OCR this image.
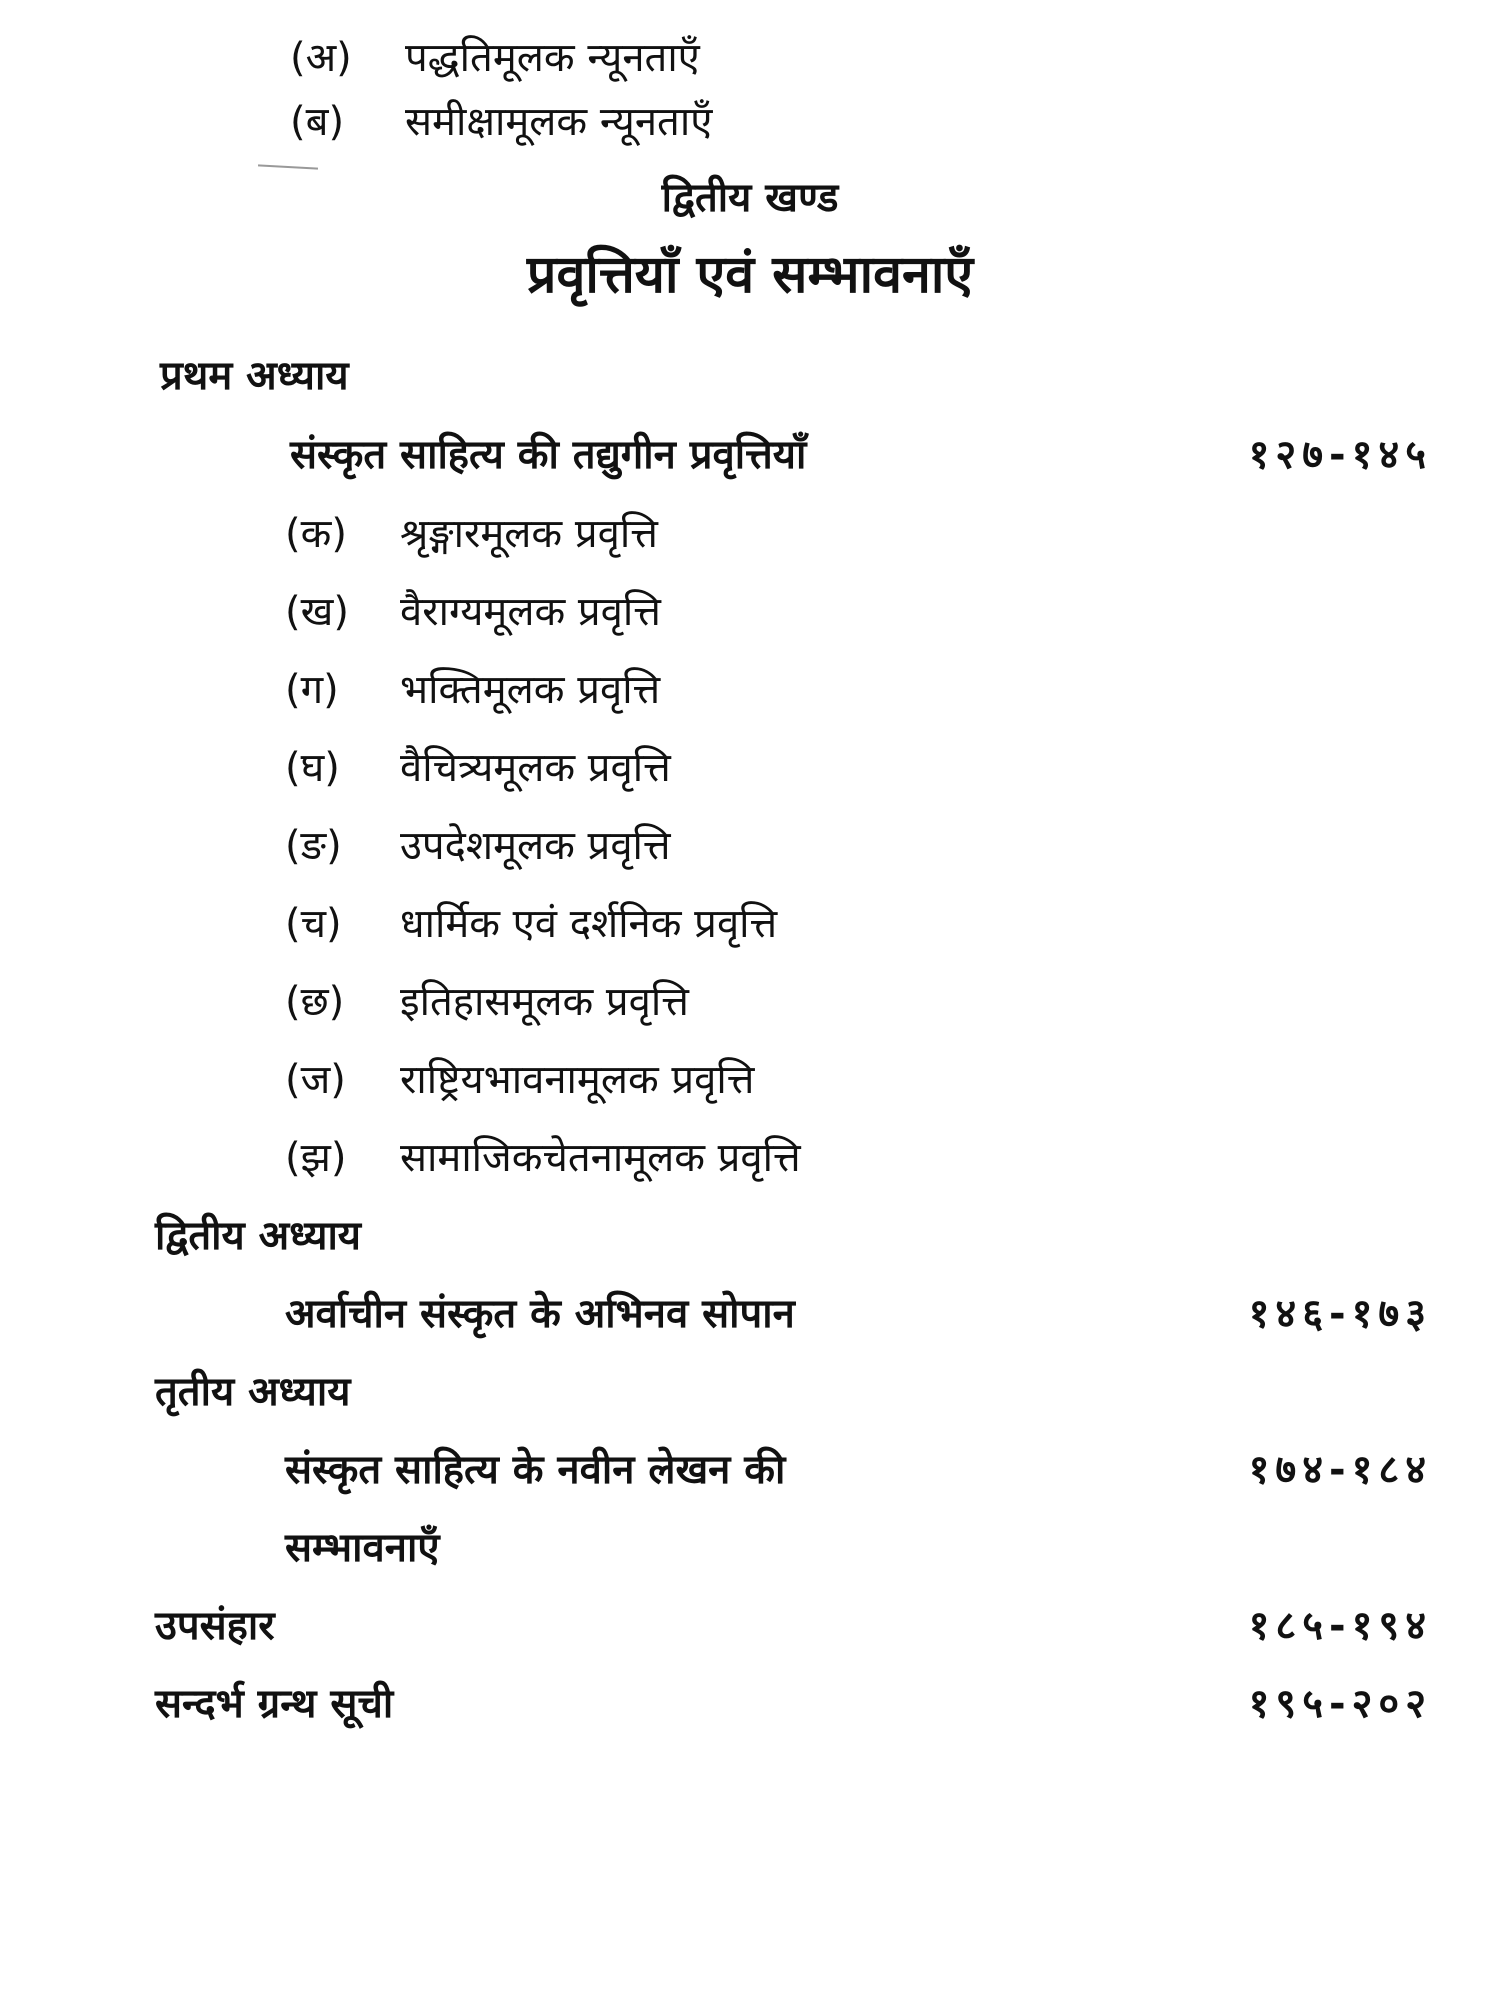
(अ) पद्धतिमूलक न्यूनताएँ
(ब) समीक्षामूलक न्यूनताएँ
द्वितीय खण्ड
प्रवृत्तियाँ एवं सम्भावनाएँ
प्रथम अध्याय
संस्कृत साहित्य की तद्युगीन प्रवृत्तियाँ	१२७-१४५
(क) श्रृङ्गारमूलक प्रवृत्ति
(ख) वैराग्यमूलक प्रवृत्ति
(ग) भक्तिमूलक प्रवृत्ति
(घ) वैचित्र्यमूलक प्रवृत्ति
(ङ) उपदेशमूलक प्रवृत्ति
(च) धार्मिक एवं दर्शनिक प्रवृत्ति
(छ) इतिहासमूलक प्रवृत्ति
(ज) राष्ट्रियभावनामूलक प्रवृत्ति
(झ) सामाजिकचेतनामूलक प्रवृत्ति
द्वितीय अध्याय
अर्वाचीन संस्कृत के अभिनव सोपान	१४६-१७३
तृतीय अध्याय
संस्कृत साहित्य के नवीन लेखन की	१७४-१८४
सम्भावनाएँ
उपसंहार	१८५-१९४
सन्दर्भ ग्रन्थ सूची	१९५-२०२
